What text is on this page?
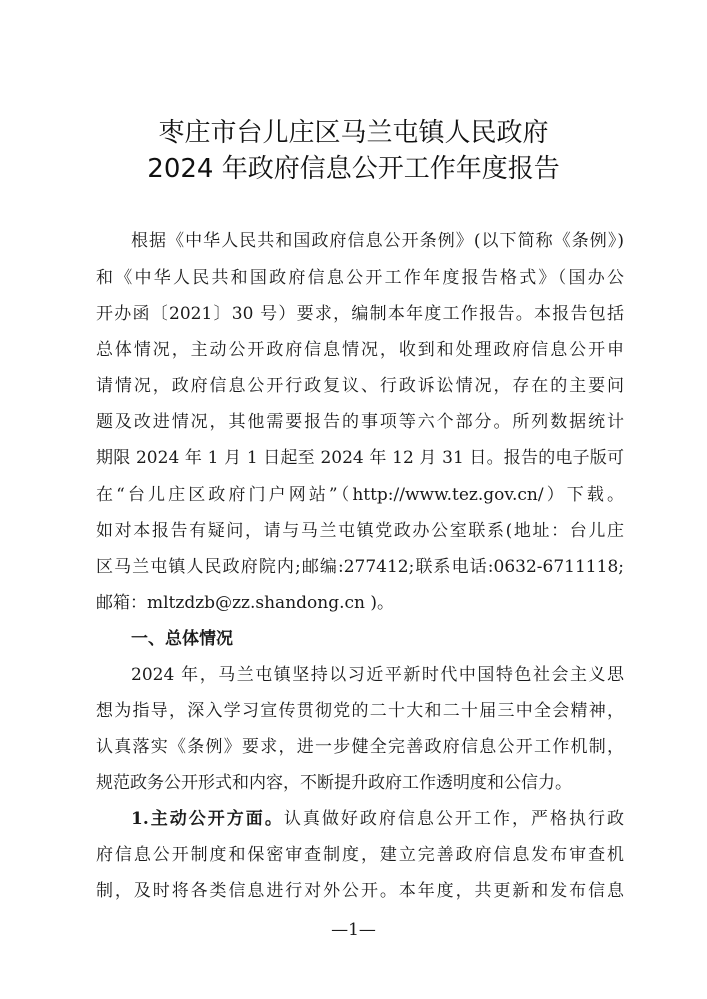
枣庄市台儿庄区马兰屯镇人民政府
2024 年政府信息公开工作年度报告
根据《中华人民共和国政府信息公开条例》(以下简称《条例》)
和《中华人民共和国政府信息公开工作年度报告格式》（国办公
开办函〔2021〕30 号）要求，编制本年度工作报告。本报告包括
总体情况，主动公开政府信息情况，收到和处理政府信息公开申
请情况，政府信息公开行政复议、行政诉讼情况，存在的主要问
题及改进情况，其他需要报告的事项等六个部分。所列数据统计
期限 2024 年 1 月 1 日起至 2024 年 12 月 31 日。报告的电子版可
在“台儿庄区政府门户网站”（http://www.tez.gov.cn/）下载。
如对本报告有疑问，请与马兰屯镇党政办公室联系(地址：台儿庄
区马兰屯镇人民政府院内;邮编:277412;联系电话:0632-6711118;
邮箱：mltzdzb@zz.shandong.cn )。
一、总体情况
2024 年，马兰屯镇坚持以习近平新时代中国特色社会主义思
想为指导，深入学习宣传贯彻党的二十大和二十届三中全会精神，
认真落实《条例》要求，进一步健全完善政府信息公开工作机制，
规范政务公开形式和内容，不断提升政府工作透明度和公信力。
1.主动公开方面。认真做好政府信息公开工作，严格执行政
府信息公开制度和保密审查制度，建立完善政府信息发布审查机
制，及时将各类信息进行对外公开。本年度，共更新和发布信息
—1—
